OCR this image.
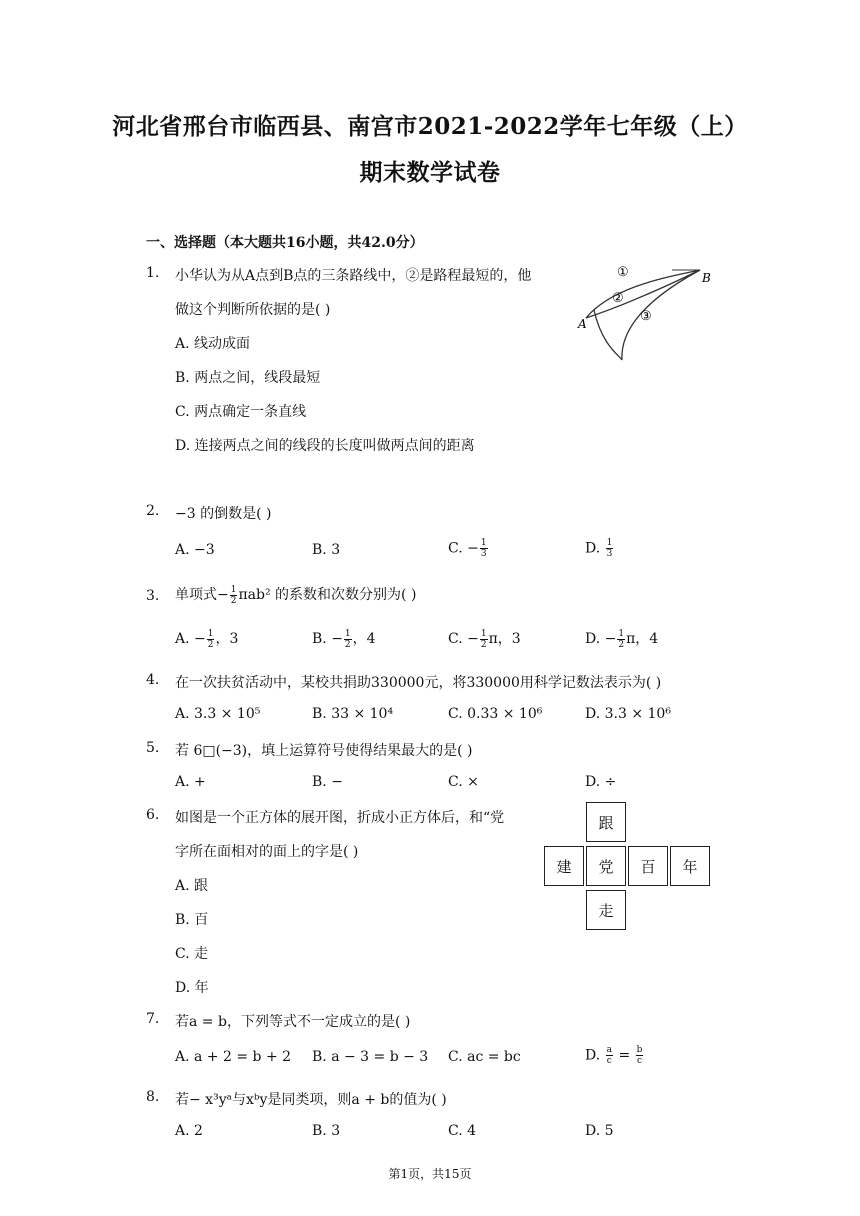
河北省邢台市临西县、南宫市2021-2022学年七年级（上）
期末数学试卷
一、选择题（本大题共16小题，共42.0分）
1. 小华认为从A点到B点的三条路线中，②是路程最短的，他
做这个判断所依据的是( )
A. 线动成面
B. 两点之间，线段最短
C. 两点确定一条直线
D. 连接两点之间的线段的长度叫做两点间的距离
①
②
③
A
B
2. −3 的倒数是( )
A. −3	B. 3	C. − $\frac{1}{3}$	D. $\frac{1}{3}$
3. 单项式− $\frac{1}{2} \pi ab^2$ 的系数和次数分别为( )
A. − $\frac{1}{2}$ ，3	B. − $\frac{1}{2}$ ，4	C. − $\frac{1}{2}$ π，3	D. − $\frac{1}{2}$ π，4
4. 在一次扶贫活动中，某校共捐助330000元，将330000用科学记数法表示为( )
A. 3.3 × 10⁵	B. 33 × 10⁴	C. 0.33 × 10⁶	D. 3.3 × 10⁶
5. 若 6□(−3)，填上运算符号使得结果最大的是( )
A. +	B. −	C. ×	D. ÷
6. 如图是一个正方体的展开图，折成小正方体后，和“党
字所在面相对的面上的字是( )
A. 跟
B. 百
C. 走
D. 年
跟
建	党	百	年
走
7. 若a = b，下列等式不一定成立的是( )
A. a + 2 = b + 2 B. a − 3 = b − 3 C. ac = bc	D. $\frac{a}{c} = \frac{b}{c}$
8. 若− x³yᵃ与xᵇy是同类项，则a + b的值为( )
A. 2	B. 3	C. 4	D. 5
第1页，共15页
